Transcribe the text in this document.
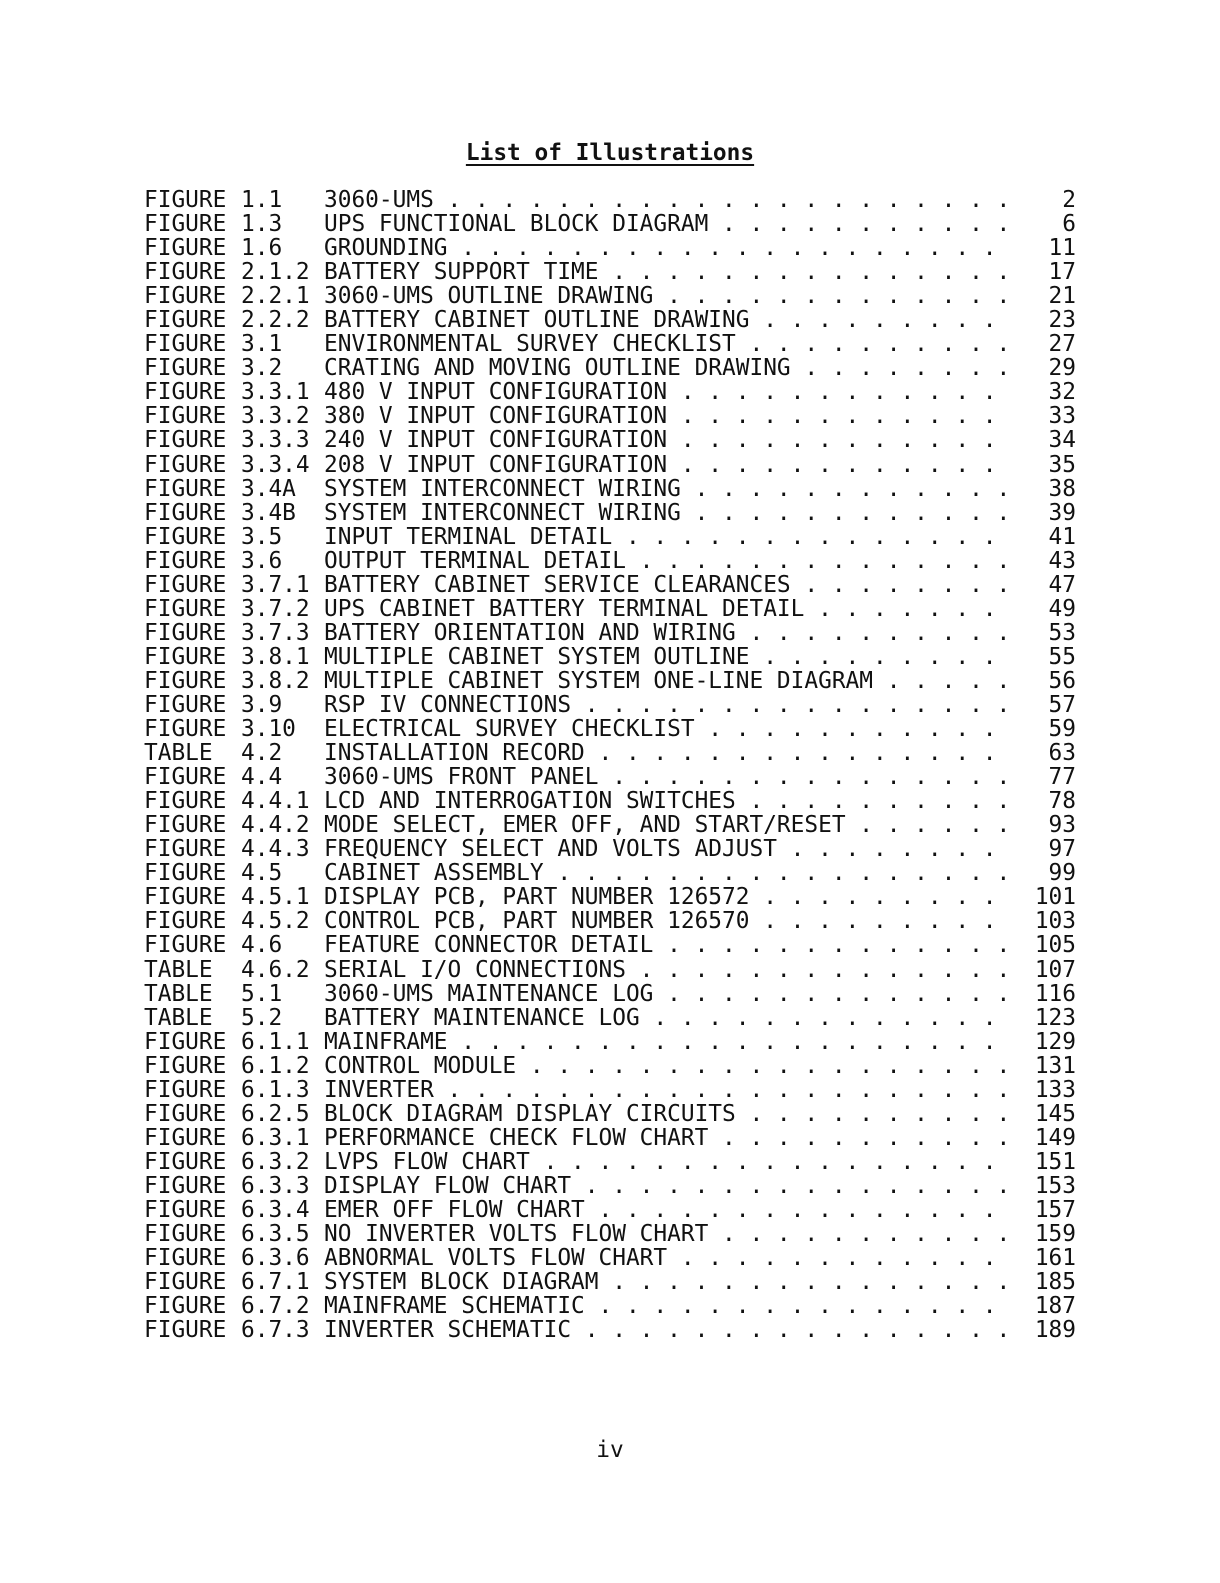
List of Illustrations
FIGURE 1.1	3060-UMS . . .	2
FIGURE 1.3	UPS FUNCTIONAL BLOCK DIAGRAM . . .	6
FIGURE 1.6	GROUNDING . . .	11
FIGURE 2.1.2 BATTERY SUPPORT TIME . . .	17
FIGURE 2.2.1 3060-UMS OUTLINE DRAWING . . .	21
FIGURE 2.2.2 BATTERY CABINET OUTLINE DRAWING . . .	23
FIGURE 3.1	ENVIRONMENTAL SURVEY CHECKLIST . . .	27
FIGURE 3.2	CRATING AND MOVING OUTLINE DRAWING . . .	29
FIGURE 3.3.1 480 V INPUT CONFIGURATION . . .	32
FIGURE 3.3.2 380 V INPUT CONFIGURATION . . .	33
FIGURE 3.3.3 240 V INPUT CONFIGURATION . . .	34
FIGURE 3.3.4 208 V INPUT CONFIGURATION . . .	35
FIGURE 3.4A	SYSTEM INTERCONNECT WIRING . . .	38
FIGURE 3.4B	SYSTEM INTERCONNECT WIRING . . .	39
FIGURE 3.5	INPUT TERMINAL DETAIL . . .	41
FIGURE 3.6	OUTPUT TERMINAL DETAIL . . .	43
FIGURE 3.7.1 BATTERY CABINET SERVICE CLEARANCES . . .	47
FIGURE 3.7.2 UPS CABINET BATTERY TERMINAL DETAIL . . .	49
FIGURE 3.7.3 BATTERY ORIENTATION AND WIRING . . .	53
FIGURE 3.8.1 MULTIPLE CABINET SYSTEM OUTLINE . . .	55
FIGURE 3.8.2 MULTIPLE CABINET SYSTEM ONE-LINE DIAGRAM . . .	56
FIGURE 3.9	RSP IV CONNECTIONS . . .	57
FIGURE 3.10	ELECTRICAL SURVEY CHECKLIST . . .	59
TABLE	4.2	INSTALLATION RECORD . . .	63
FIGURE 4.4	3060-UMS FRONT PANEL . . .	77
FIGURE 4.4.1 LCD AND INTERROGATION SWITCHES . . .	78
FIGURE 4.4.2 MODE SELECT, EMER OFF, AND START/RESET . . .	93
FIGURE 4.4.3 FREQUENCY SELECT AND VOLTS ADJUST . . .	97
FIGURE 4.5	CABINET ASSEMBLY . . .	99
FIGURE 4.5.1 DISPLAY PCB, PART NUMBER 126572 . . .	101
FIGURE 4.5.2 CONTROL PCB, PART NUMBER 126570 . . .	103
FIGURE 4.6	FEATURE CONNECTOR DETAIL . . .	105
TABLE	4.6.2 SERIAL I/O CONNECTIONS . . .	107
TABLE	5.1	3060-UMS MAINTENANCE LOG . . .	116
TABLE	5.2	BATTERY MAINTENANCE LOG . . .	123
FIGURE 6.1.1 MAINFRAME . . .	129
FIGURE 6.1.2 CONTROL MODULE . . .	131
FIGURE 6.1.3 INVERTER . . .	133
FIGURE 6.2.5 BLOCK DIAGRAM DISPLAY CIRCUITS . . .	145
FIGURE 6.3.1 PERFORMANCE CHECK FLOW CHART . . .	149
FIGURE 6.3.2 LVPS FLOW CHART . . .	151
FIGURE 6.3.3 DISPLAY FLOW CHART . . .	153
FIGURE 6.3.4 EMER OFF FLOW CHART . . .	157
FIGURE 6.3.5 NO INVERTER VOLTS FLOW CHART . . .	159
FIGURE 6.3.6 ABNORMAL VOLTS FLOW CHART . . .	161
FIGURE 6.7.1 SYSTEM BLOCK DIAGRAM . . .	185
FIGURE 6.7.2 MAINFRAME SCHEMATIC . . .	187
FIGURE 6.7.3 INVERTER SCHEMATIC . . .	189
iv
